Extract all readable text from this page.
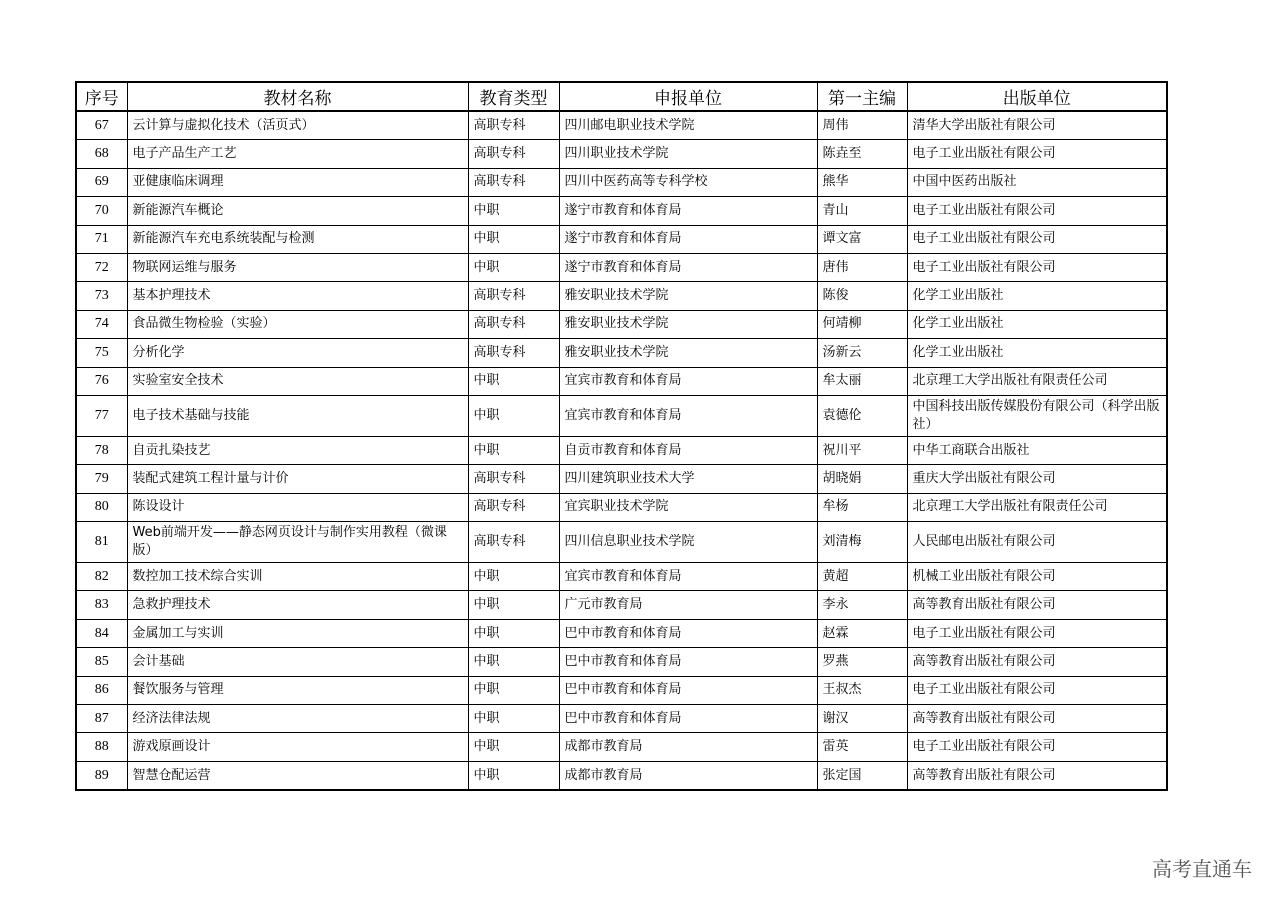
序号	教材名称	教育类型	申报单位	第一主编	出版单位
67	云计算与虚拟化技术（活页式）	高职专科	四川邮电职业技术学院	周伟	清华大学出版社有限公司
68	电子产品生产工艺	高职专科	四川职业技术学院	陈垚至	电子工业出版社有限公司
69	亚健康临床调理	高职专科	四川中医药高等专科学校	熊华	中国中医药出版社
70	新能源汽车概论	中职	遂宁市教育和体育局	青山	电子工业出版社有限公司
71	新能源汽车充电系统装配与检测	中职	遂宁市教育和体育局	谭文富	电子工业出版社有限公司
72	物联网运维与服务	中职	遂宁市教育和体育局	唐伟	电子工业出版社有限公司
73	基本护理技术	高职专科	雅安职业技术学院	陈俊	化学工业出版社
74	食品微生物检验（实验）	高职专科	雅安职业技术学院	何靖柳	化学工业出版社
75	分析化学	高职专科	雅安职业技术学院	汤新云	化学工业出版社
76	实验室安全技术	中职	宜宾市教育和体育局	牟太丽	北京理工大学出版社有限责任公司
77	电子技术基础与技能	中职	宜宾市教育和体育局	袁德伦	中国科技出版传媒股份有限公司（科学出版社）
78	自贡扎染技艺	中职	自贡市教育和体育局	祝川平	中华工商联合出版社
79	装配式建筑工程计量与计价	高职专科	四川建筑职业技术大学	胡晓娟	重庆大学出版社有限公司
80	陈设设计	高职专科	宜宾职业技术学院	牟杨	北京理工大学出版社有限责任公司
81	Web前端开发——静态网页设计与制作实用教程（微课版）	高职专科	四川信息职业技术学院	刘清梅	人民邮电出版社有限公司
82	数控加工技术综合实训	中职	宜宾市教育和体育局	黄超	机械工业出版社有限公司
83	急救护理技术	中职	广元市教育局	李永	高等教育出版社有限公司
84	金属加工与实训	中职	巴中市教育和体育局	赵霖	电子工业出版社有限公司
85	会计基础	中职	巴中市教育和体育局	罗燕	高等教育出版社有限公司
86	餐饮服务与管理	中职	巴中市教育和体育局	王叔杰	电子工业出版社有限公司
87	经济法律法规	中职	巴中市教育和体育局	谢汉	高等教育出版社有限公司
88	游戏原画设计	中职	成都市教育局	雷英	电子工业出版社有限公司
89	智慧仓配运营	中职	成都市教育局	张定国	高等教育出版社有限公司
高考直通车
